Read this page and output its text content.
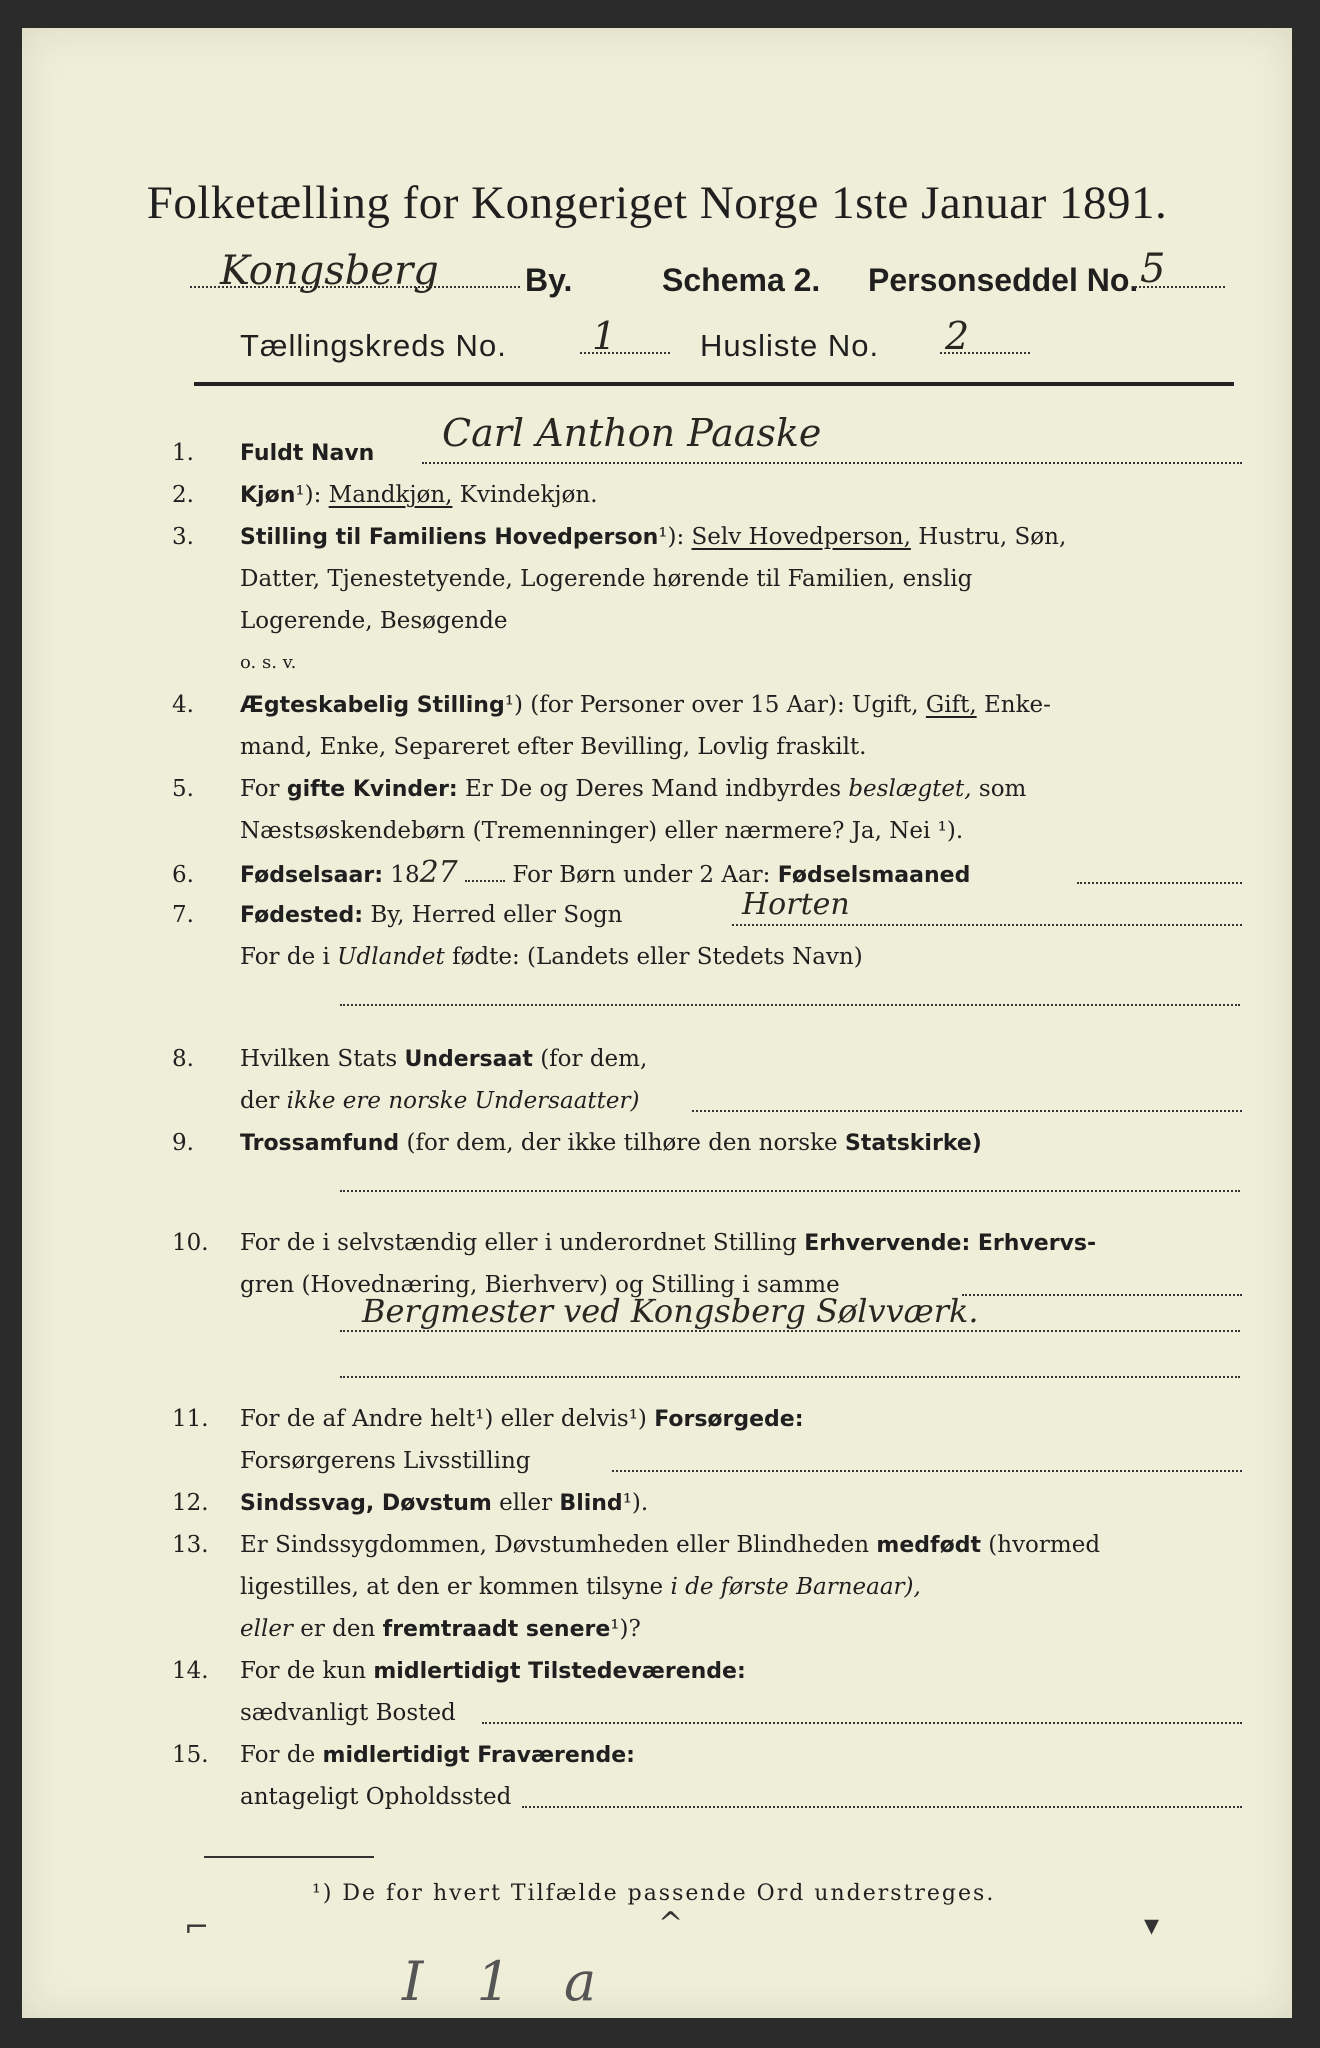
Folketælling for Kongeriget Norge 1ste Januar 1891.
Kongsberg	By.	Schema 2. Personseddel No. 5
Tællingskreds No. 1	Husliste No. 2
1. Fuldt Navn Carl Anthon Paaske
2. Kjøn¹): Mandkjøn, Kvindekjøn.
3. Stilling til Familiens Hovedperson¹): Selv Hovedperson, Hustru, Søn,
Datter, Tjenestetyende, Logerende hørende til Familien, enslig
Logerende, Besøgende
o. s. v.
4. Ægteskabelig Stilling¹) (for Personer over 15 Aar): Ugift, Gift, Enke-
mand, Enke, Separeret efter Bevilling, Lovlig fraskilt.
5. For gifte Kvinder: Er De og Deres Mand indbyrdes beslægtet, som
Næstsøskendebørn (Tremenninger) eller nærmere? Ja, Nei ¹).
6. Fødselsaar: 1827 For Børn under 2 Aar: Fødselsmaaned
7. Fødested: By, Herred eller Sogn	Horten
For de i Udlandet fødte: (Landets eller Stedets Navn)
8. Hvilken Stats Undersaat (for dem,
der ikke ere norske Undersaatter)
9. Trossamfund (for dem, der ikke tilhøre den norske Statskirke)
10. For de i selvstændig eller i underordnet Stilling Erhvervende: Erhvervs-
gren (Hovednæring, Bierhverv) og Stilling i samme
Bergmester ved Kongsberg Sølvværk.
11. For de af Andre helt¹) eller delvis¹) Forsørgede:
Forsørgerens Livsstilling
12. Sindssvag, Døvstum eller Blind¹).
13. Er Sindssygdommen, Døvstumheden eller Blindheden medfødt (hvormed
ligestilles, at den er kommen tilsyne i de første Barneaar),
eller er den fremtraadt senere¹)?
14. For de kun midlertidigt Tilstedeværende:
sædvanligt Bosted
15. For de midlertidigt Fraværende:
antageligt Opholdssted
¹) De for hvert Tilfælde passende Ord understreges.
⌐	^	▾
I 1 a
